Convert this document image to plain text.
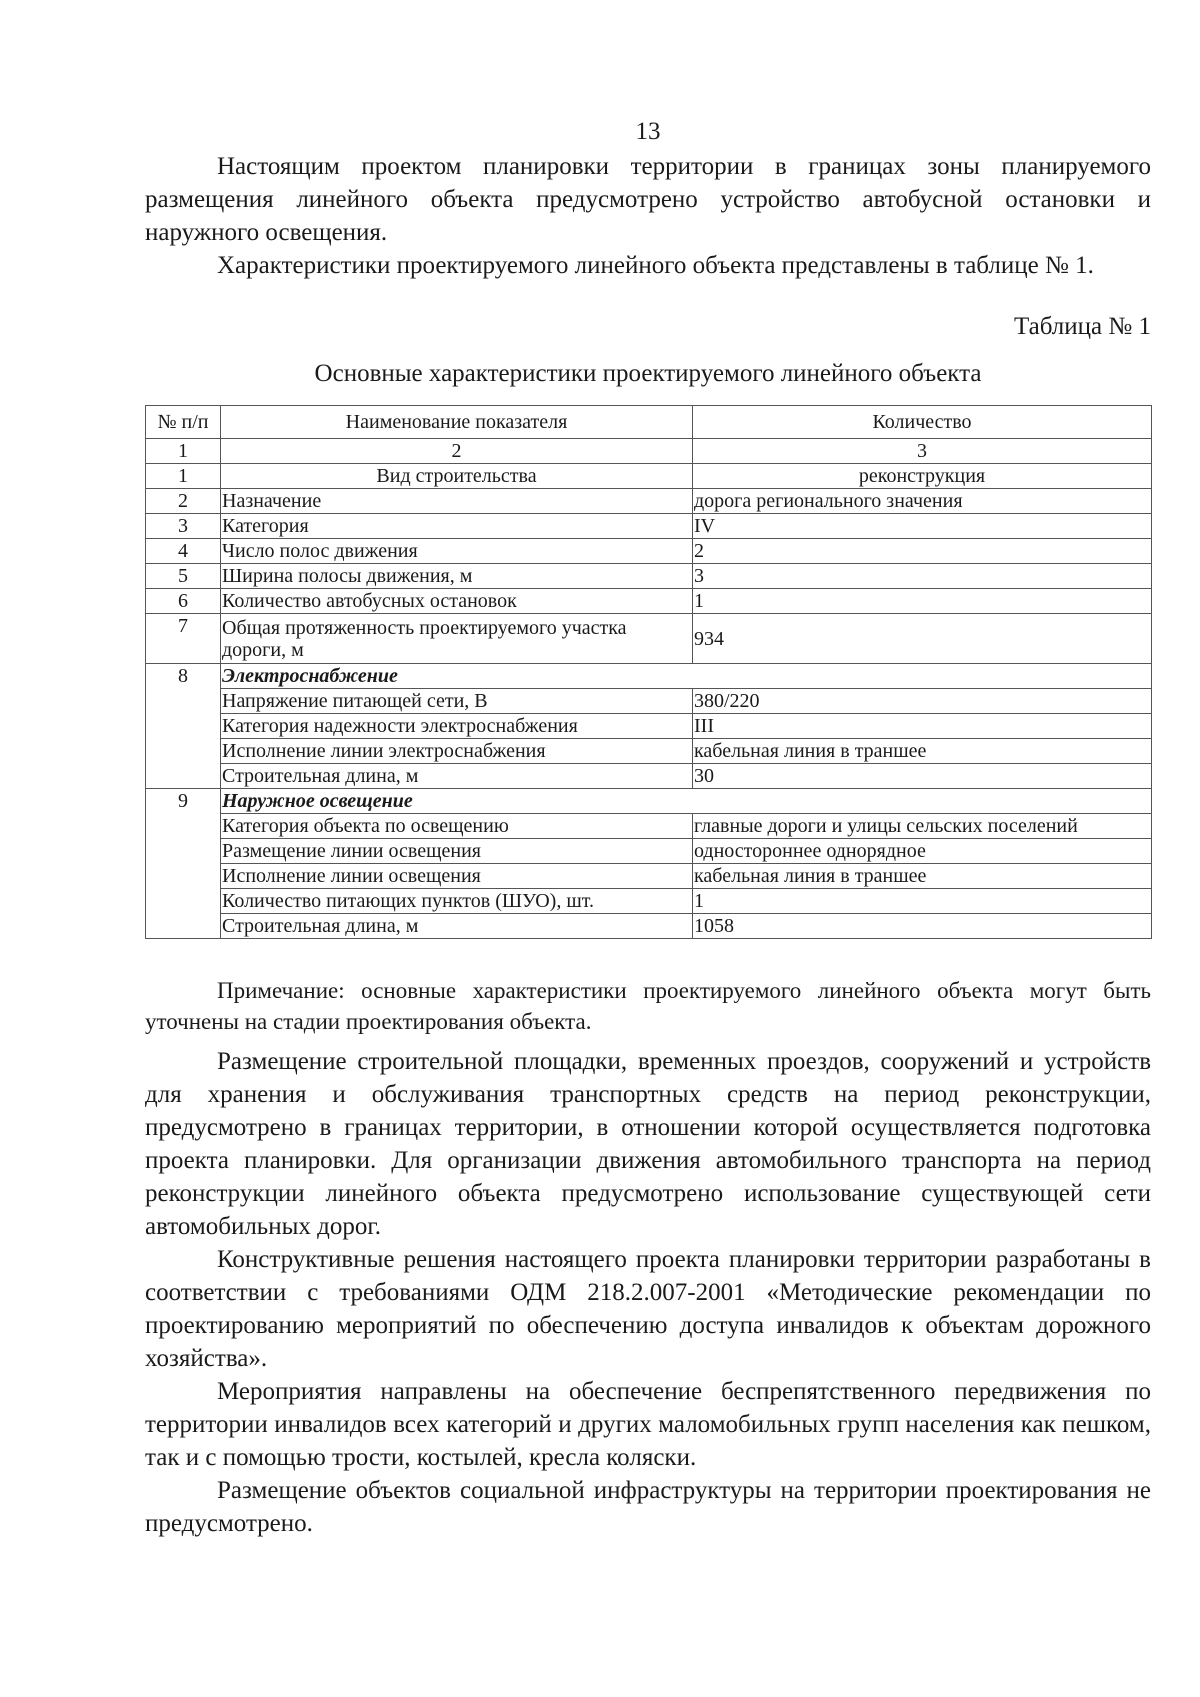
13

Настоящим проектом планировки территории в границах зоны планируемого размещения линейного объекта предусмотрено устройство автобусной остановки и наружного освещения.

Характеристики проектируемого линейного объекта представлены в таблице № 1.

Таблица № 1
Основные характеристики проектируемого линейного объекта
№ п/п	Наименование показателя	Количество
1	2	3
1	Вид строительства	реконструкция
2	Назначение	дорога регионального значения
3	Категория	IV
4	Число полос движения	2
5	Ширина полосы движения, м	3
6	Количество автобусных остановок	1
7	Общая протяженность проектируемого участка дороги, м	934
8	Электроснабжение	
	Напряжение питающей сети, В	380/220
	Категория надежности электроснабжения	III
	Исполнение линии электроснабжения	кабельная линия в траншее
	Строительная длина, м	30
9	Наружное освещение	
	Категория объекта по освещению	главные дороги и улицы сельских поселений
	Размещение линии освещения	одностороннее однорядное
	Исполнение линии освещения	кабельная линия в траншее
	Количество питающих пунктов (ШУО), шт.	1
	Строительная длина, м	1058

Примечание: основные характеристики проектируемого линейного объекта могут быть уточнены на стадии проектирования объекта.

Размещение строительной площадки, временных проездов, сооружений и устройств для хранения и обслуживания транспортных средств на период реконструкции, предусмотрено в границах территории, в отношении которой осуществляется подготовка проекта планировки. Для организации движения автомобильного транспорта на период реконструкции линейного объекта предусмотрено использование существующей сети автомобильных дорог.

Конструктивные решения настоящего проекта планировки территории разработаны в соответствии с требованиями ОДМ 218.2.007-2001 «Методические рекомендации по проектированию мероприятий по обеспечению доступа инвалидов к объектам дорожного хозяйства».

Мероприятия направлены на обеспечение беспрепятственного передвижения по территории инвалидов всех категорий и других маломобильных групп населения как пешком, так и с помощью трости, костылей, кресла коляски.

Размещение объектов социальной инфраструктуры на территории проектирования не предусмотрено.
